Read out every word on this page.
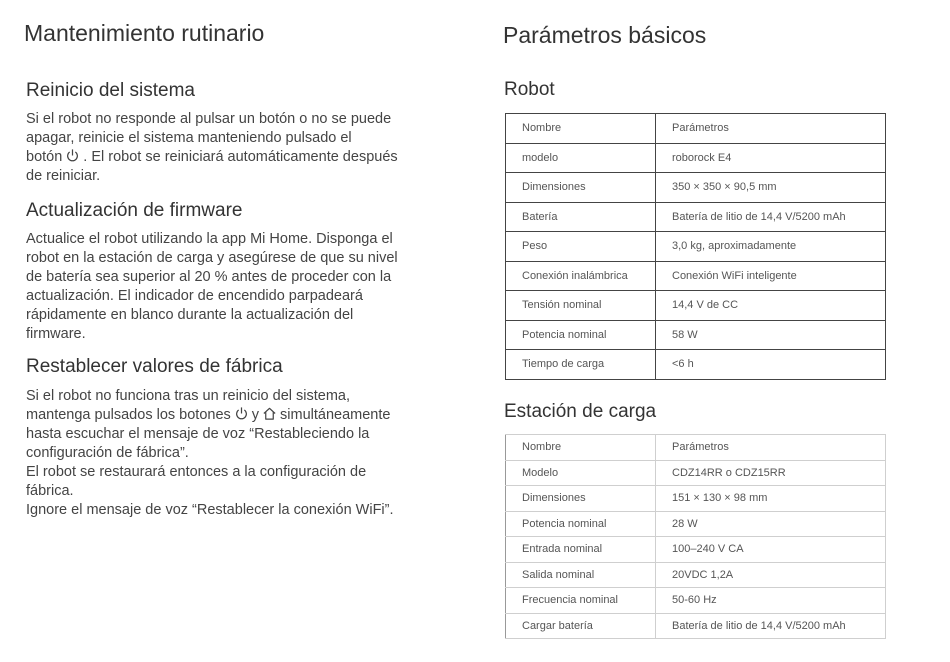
Mantenimiento rutinario
Reinicio del sistema
Si el robot no responde al pulsar un botón o no se puede
apagar, reinicie el sistema manteniendo pulsado el
botón . El robot se reiniciará automáticamente después
de reiniciar.
Actualización de firmware
Actualice el robot utilizando la app Mi Home. Disponga el
robot en la estación de carga y asegúrese de que su nivel
de batería sea superior al 20 % antes de proceder con la
actualización. El indicador de encendido parpadeará
rápidamente en blanco durante la actualización del
firmware.
Restablecer valores de fábrica
Si el robot no funciona tras un reinicio del sistema,
mantenga pulsados los botones y simultáneamente
hasta escuchar el mensaje de voz “Restableciendo la
configuración de fábrica”.
El robot se restaurará entonces a la configuración de
fábrica.
Ignore el mensaje de voz “Restablecer la conexión WiFi”.
Parámetros básicos
Robot
Nombre	Parámetros
modelo	roborock E4
Dimensiones	350 × 350 × 90,5 mm
Batería	Batería de litio de 14,4 V/5200 mAh
Peso	3,0 kg, aproximadamente
Conexión inalámbrica	Conexión WiFi inteligente
Tensión nominal	14,4 V de CC
Potencia nominal	58 W
Tiempo de carga	<6 h
Estación de carga
Nombre	Parámetros
Modelo	CDZ14RR o CDZ15RR
Dimensiones	151 × 130 × 98 mm
Potencia nominal	28 W
Entrada nominal	100–240 V CA
Salida nominal	20VDC 1,2A
Frecuencia nominal	50-60 Hz
Cargar batería	Batería de litio de 14,4 V/5200 mAh
